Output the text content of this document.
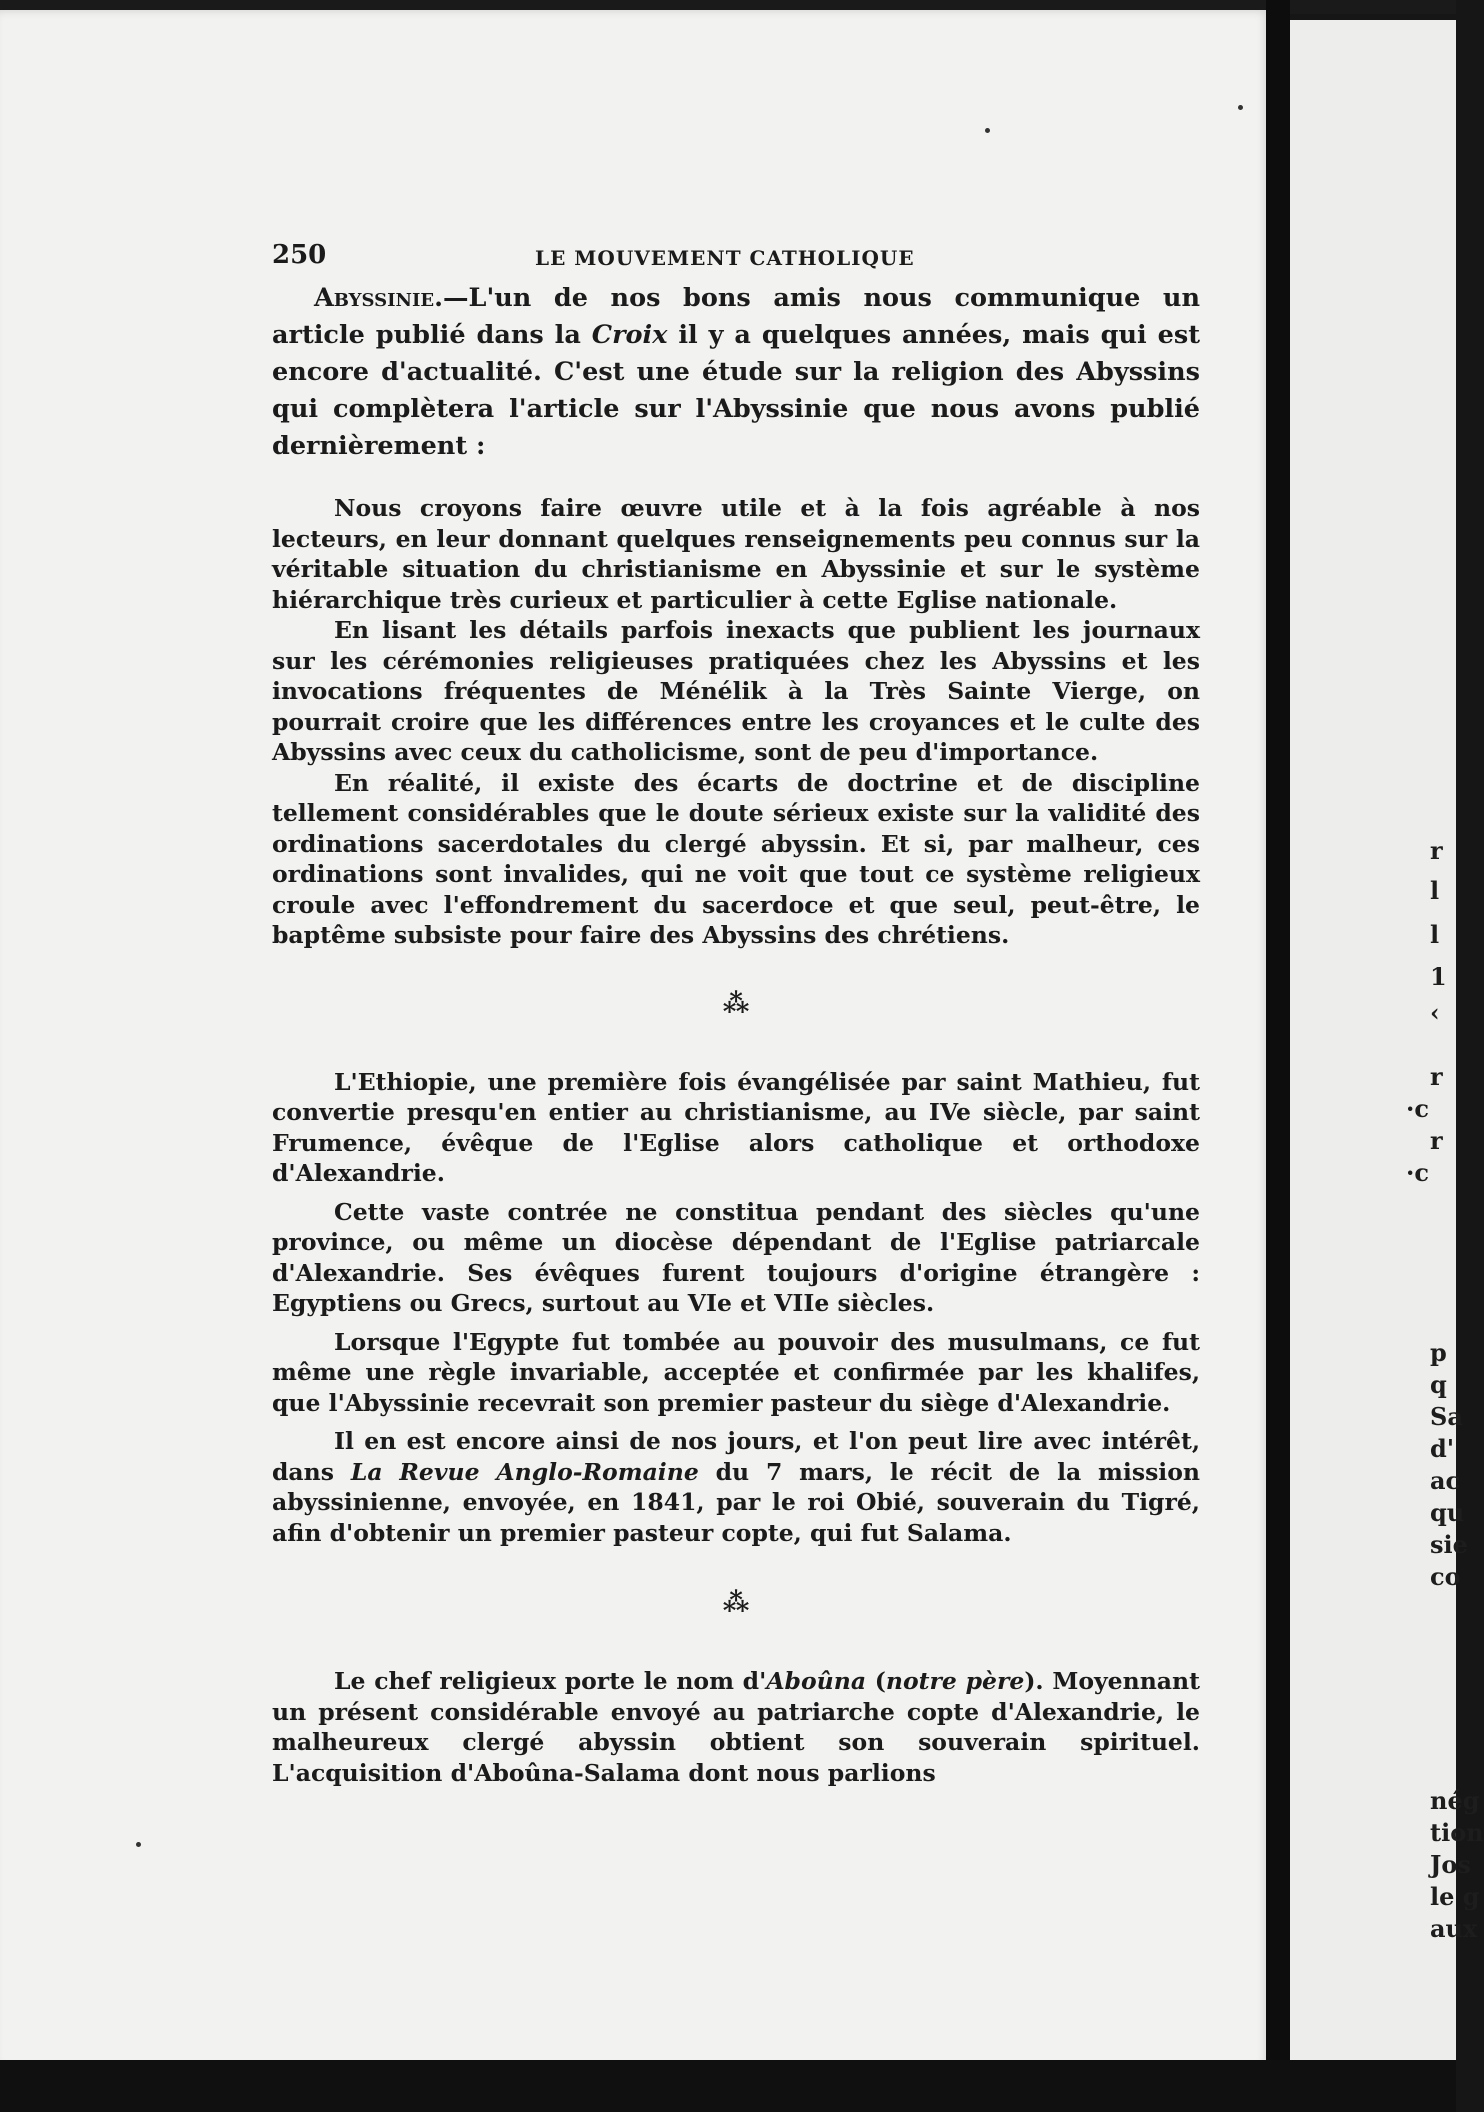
250	LE MOUVEMENT CATHOLIQUE

Abyssinie.—L'un de nos bons amis nous communique un article publié dans la Croix il y a quelques années, mais qui est encore d'actualité. C'est une étude sur la religion des Abyssins qui complètera l'article sur l'Abyssinie que nous avons publié dernièrement :

Nous croyons faire œuvre utile et à la fois agréable à nos lecteurs, en leur donnant quelques renseignements peu connus sur la véritable situation du christianisme en Abyssinie et sur le système hiérarchique très curieux et particulier à cette Eglise nationale.

En lisant les détails parfois inexacts que publient les journaux sur les cérémonies religieuses pratiquées chez les Abyssins et les invocations fréquentes de Ménélik à la Très Sainte Vierge, on pourrait croire que les différences entre les croyances et le culte des Abyssins avec ceux du catholicisme, sont de peu d'importance.

En réalité, il existe des écarts de doctrine et de discipline tellement considérables que le doute sérieux existe sur la validité des ordinations sacerdotales du clergé abyssin. Et si, par malheur, ces ordinations sont invalides, qui ne voit que tout ce système religieux croule avec l'effondrement du sacerdoce et que seul, peut-être, le baptême subsiste pour faire des Abyssins des chrétiens.

⁂

L'Ethiopie, une première fois évangélisée par saint Mathieu, fut convertie presqu'en entier au christianisme, au IVe siècle, par saint Frumence, évêque de l'Eglise alors catholique et orthodoxe d'Alexandrie.

Cette vaste contrée ne constitua pendant des siècles qu'une province, ou même un diocèse dépendant de l'Eglise patriarcale d'Alexandrie. Ses évêques furent toujours d'origine étrangère : Egyptiens ou Grecs, surtout au VIe et VIIe siècles.

Lorsque l'Egypte fut tombée au pouvoir des musulmans, ce fut même une règle invariable, acceptée et confirmée par les khalifes, que l'Abyssinie recevrait son premier pasteur du siège d'Alexandrie.

Il en est encore ainsi de nos jours, et l'on peut lire avec intérêt, dans La Revue Anglo-Romaine du 7 mars, le récit de la mission abyssinienne, envoyée, en 1841, par le roi Obié, souverain du Tigré, afin d'obtenir un premier pasteur copte, qui fut Salama.

⁂

Le chef religieux porte le nom d'Aboûna (notre père). Moyennant un présent considérable envoyé au patriarche copte d'Alexandrie, le malheureux clergé abyssin obtient son souverain spirituel. L'acquisition d'Aboûna-Salama dont nous parlions

r
l
l
1
‹
r
·c
r
·c
p
q
Sa
d'
ac
qu
sie
co
nég
tion
Jos
le g
aux
